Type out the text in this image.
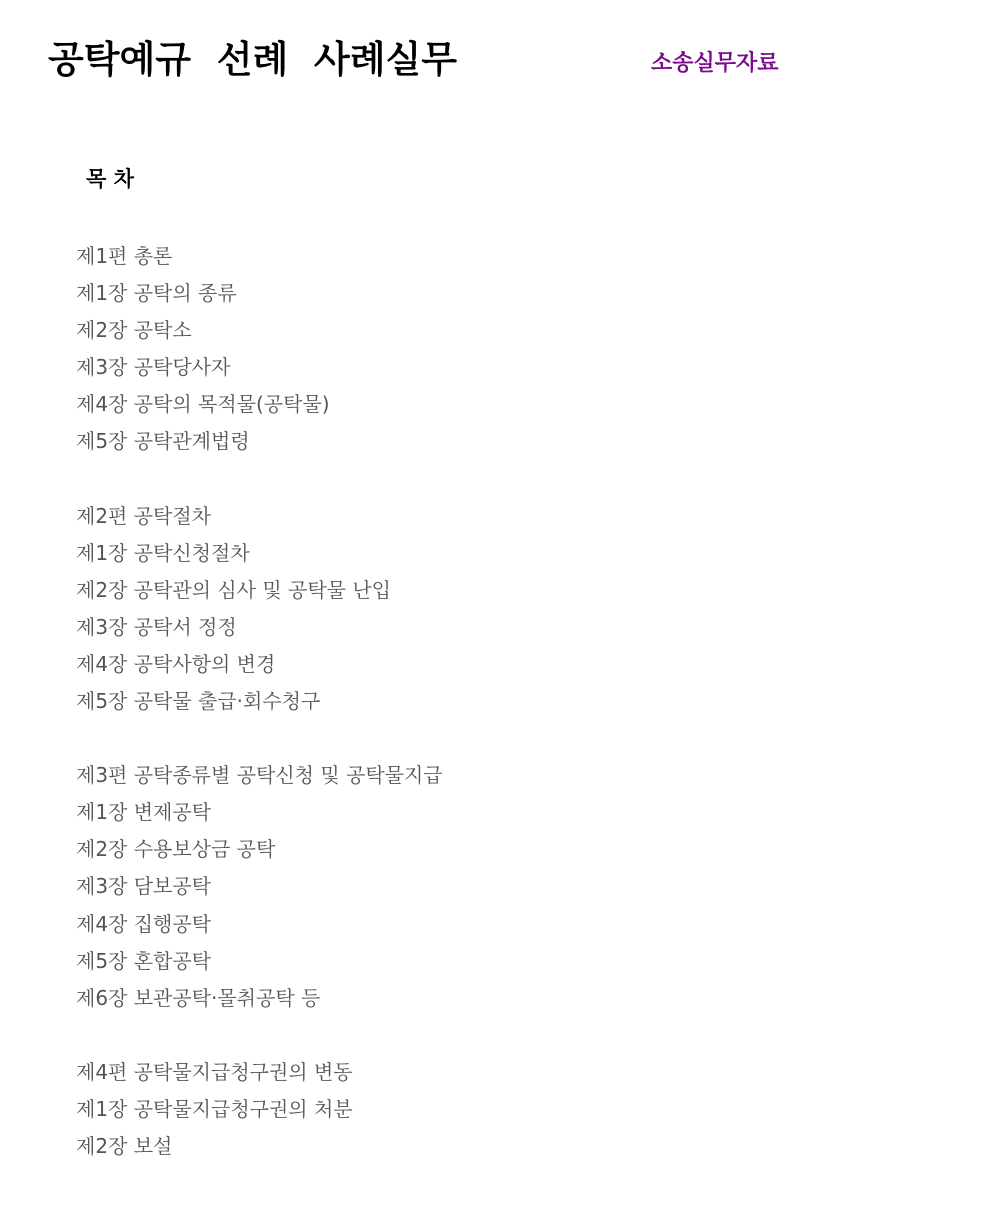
공탁예규  선례  사례실무	소송실무자료
목 차
제1편 총론
제1장 공탁의 종류
제2장 공탁소
제3장 공탁당사자
제4장 공탁의 목적물(공탁물)
제5장 공탁관계법령
제2편 공탁절차
제1장 공탁신청절차
제2장 공탁관의 심사 및 공탁물 난입
제3장 공탁서 정정
제4장 공탁사항의 변경
제5장 공탁물 출급·회수청구
제3편 공탁종류별 공탁신청 및 공탁물지급
제1장 변제공탁
제2장 수용보상금 공탁
제3장 담보공탁
제4장 집행공탁
제5장 혼합공탁
제6장 보관공탁·몰취공탁 등
제4편 공탁물지급청구권의 변동
제1장 공탁물지급청구권의 처분
제2장 보설
